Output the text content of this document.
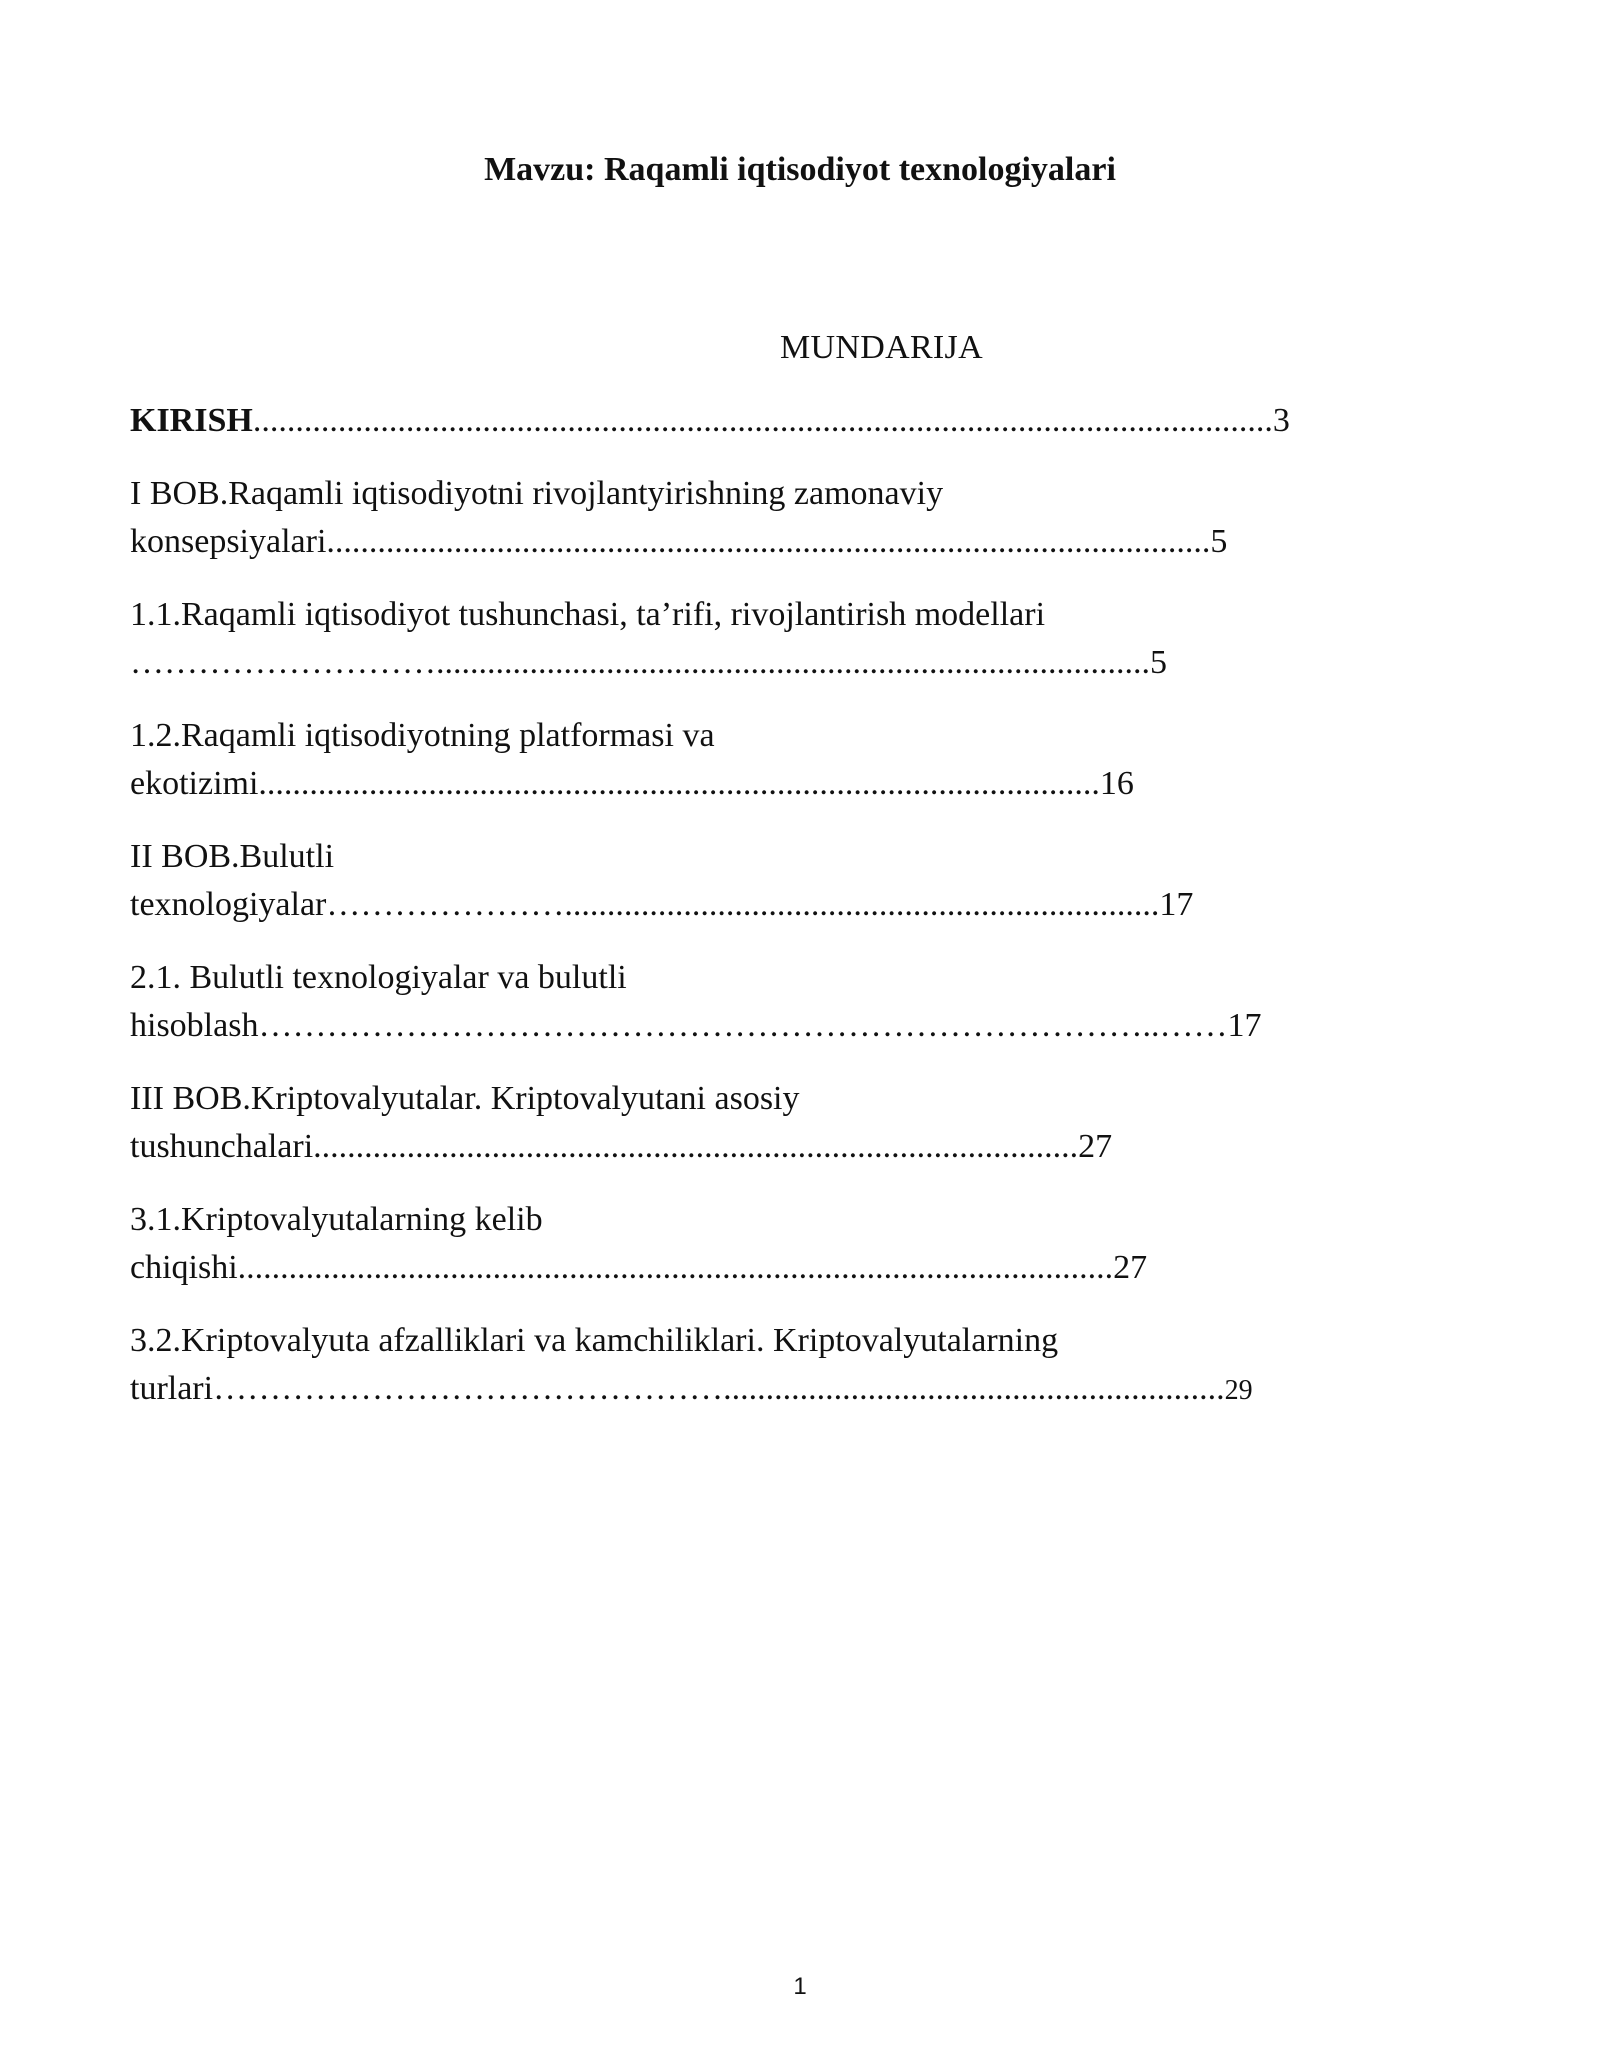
Mavzu: Raqamli iqtisodiyot texnologiyalari
MUNDARIJA
KIRISH........................................................................................................................3
I BOB.Raqamli iqtisodiyotni rivojlantyirishning zamonaviy
konsepsiyalari........................................................................................................5
1.1.Raqamli iqtisodiyot tushunchasi, ta’rifi, rivojlantirish modellari
………………………....................................................................................5
1.2.Raqamli iqtisodiyotning platformasi va
ekotizimi...................................................................................................16
II BOB.Bulutli
texnologiyalar…………………......................................................................17
2.1. Bulutli texnologiyalar va bulutli
hisoblash……………………………………………………………………..……17
III BOB.Kriptovalyutalar. Kriptovalyutani asosiy
tushunchalari..........................................................................................27
3.1.Kriptovalyutalarning kelib
chiqishi.......................................................................................................27
3.2.Kriptovalyuta afzalliklari va kamchiliklari. Kriptovalyutalarning
turlari………………………………………...........................................................29
1
